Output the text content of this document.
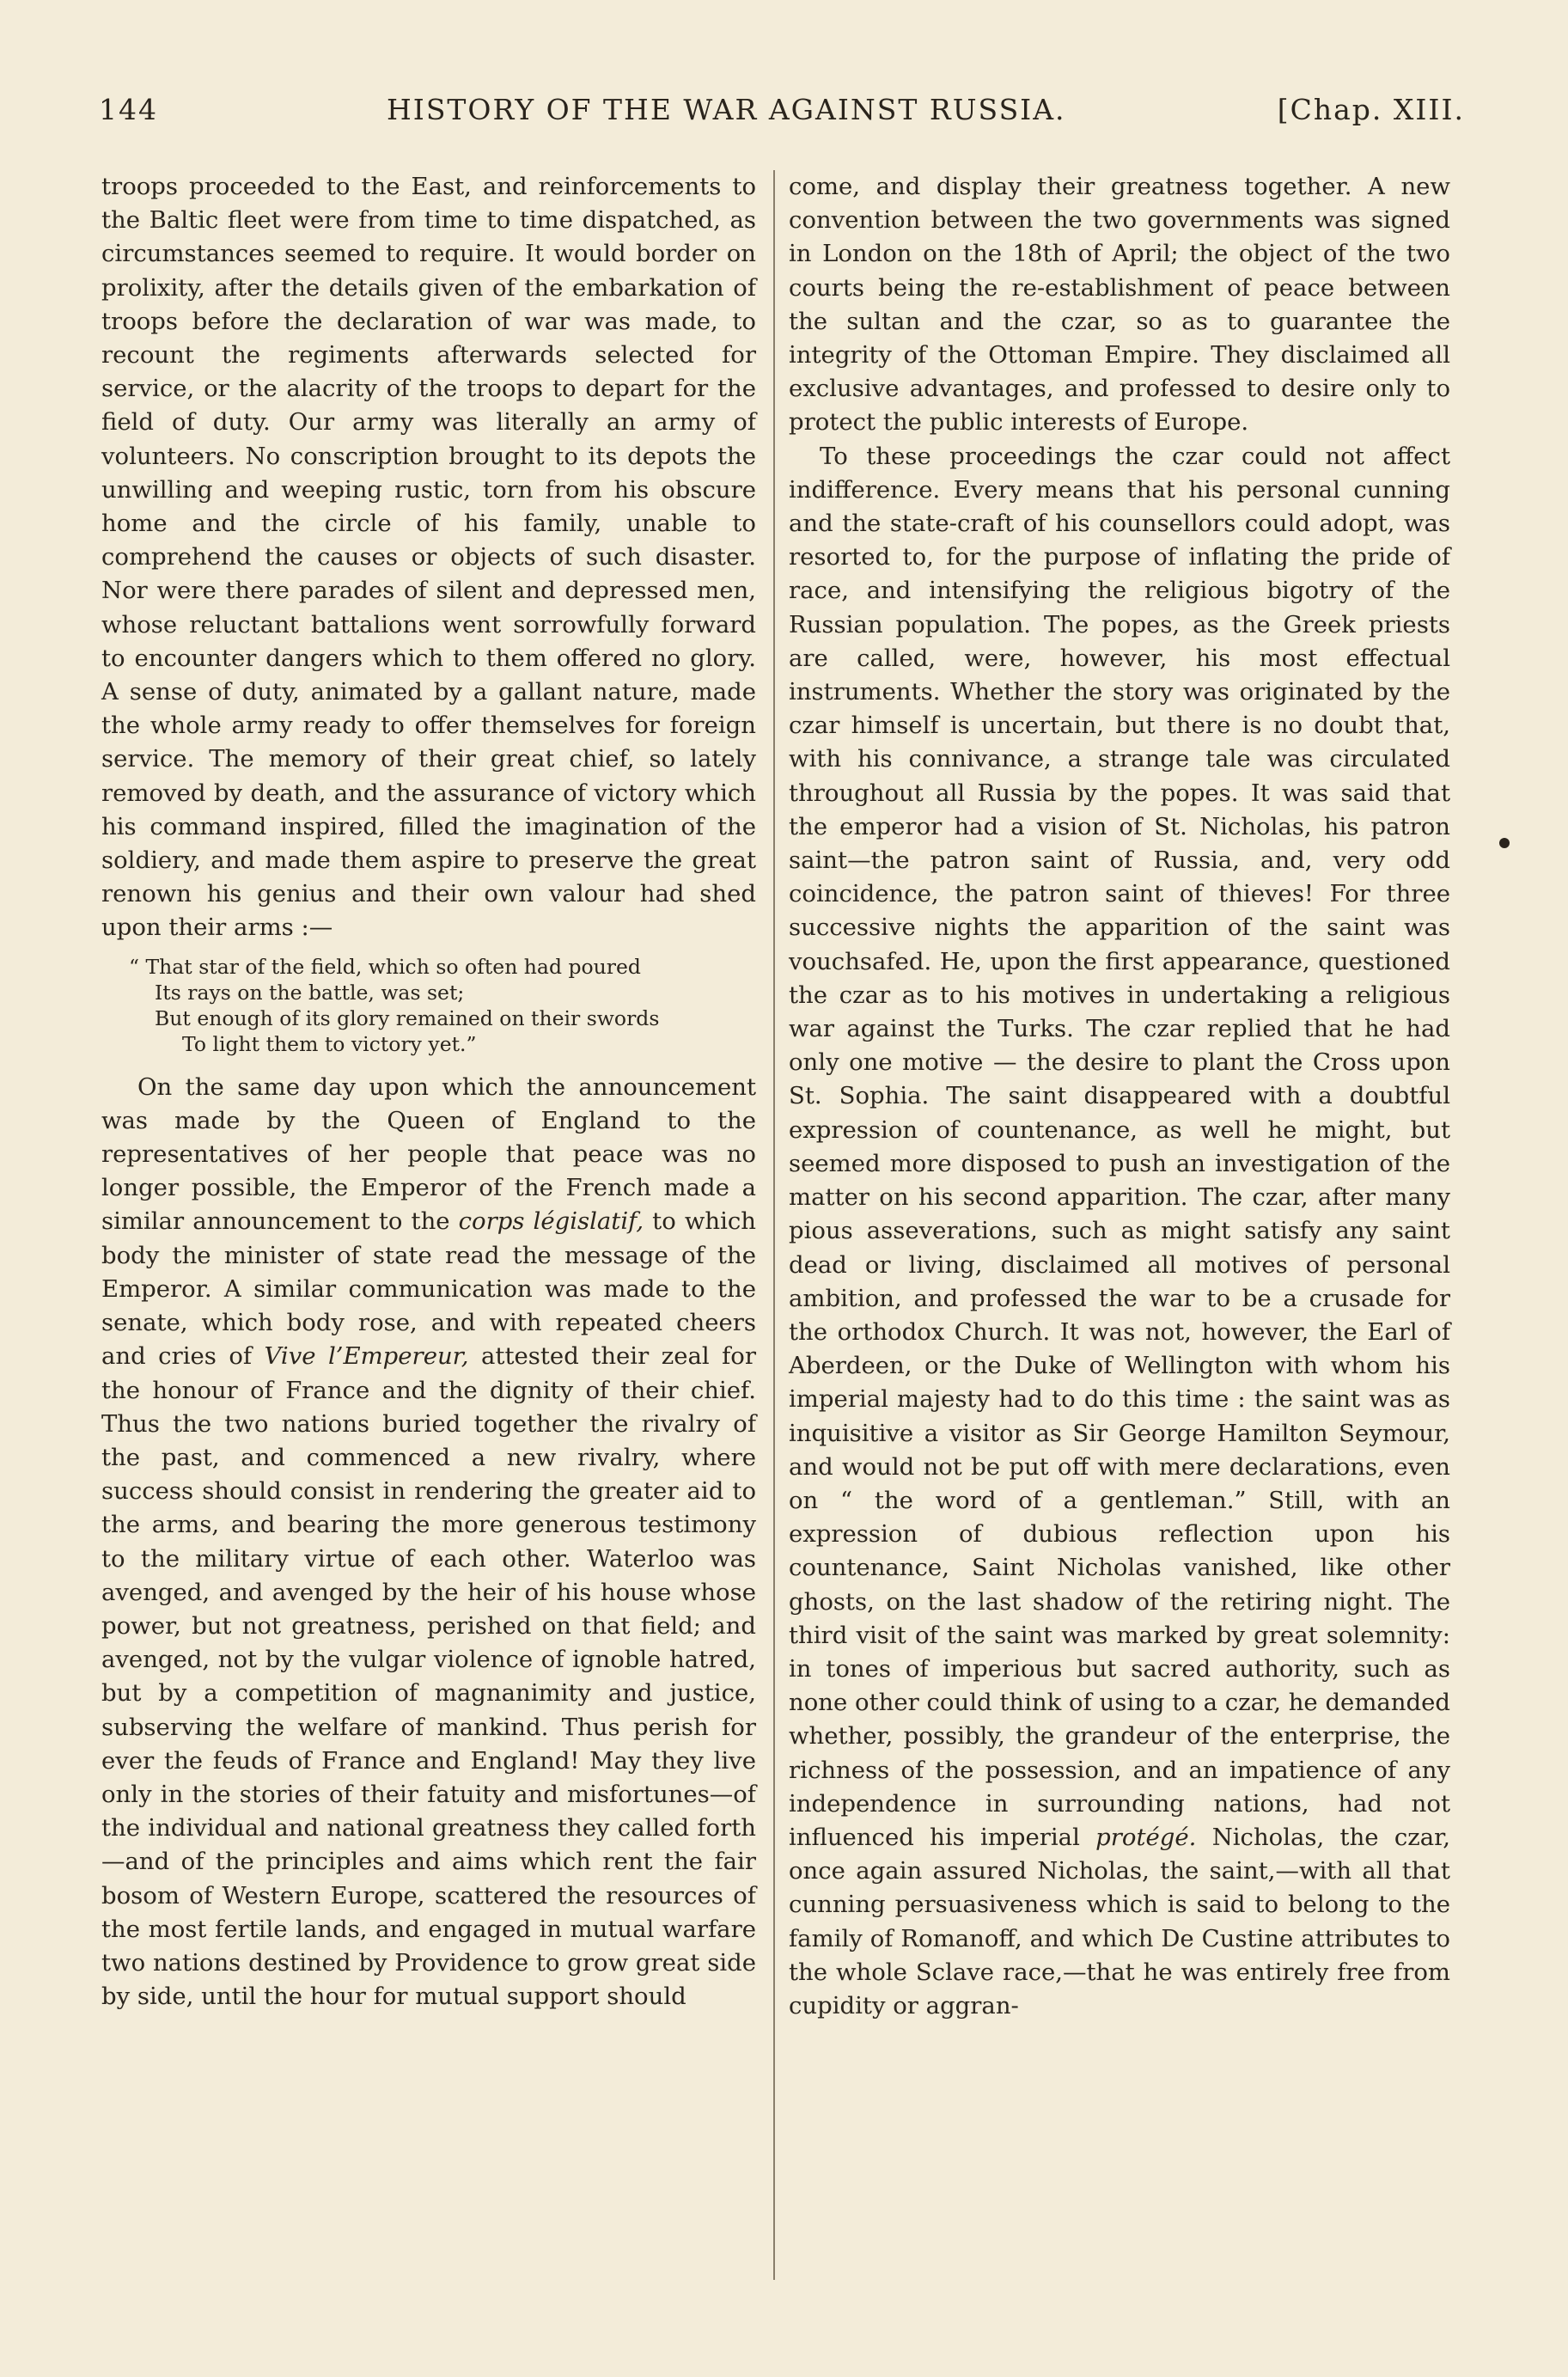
144	HISTORY OF THE WAR AGAINST RUSSIA.	[Chap. XIII.

troops proceeded to the East, and reinforcements to the Baltic fleet were from time to time dispatched, as circumstances seemed to require. It would border on prolixity, after the details given of the embarkation of troops before the declaration of war was made, to recount the regiments afterwards selected for service, or the alacrity of the troops to depart for the field of duty. Our army was literally an army of volunteers. No conscription brought to its depots the unwilling and weeping rustic, torn from his obscure home and the circle of his family, unable to comprehend the causes or objects of such disaster. Nor were there parades of silent and depressed men, whose reluctant battalions went sorrowfully forward to encounter dangers which to them offered no glory. A sense of duty, animated by a gallant nature, made the whole army ready to offer themselves for foreign service. The memory of their great chief, so lately removed by death, and the assurance of victory which his command inspired, filled the imagination of the soldiery, and made them aspire to preserve the great renown his genius and their own valour had shed upon their arms :—

“ That star of the field, which so often had poured
Its rays on the battle, was set;
But enough of its glory remained on their swords
To light them to victory yet.”

On the same day upon which the announcement was made by the Queen of England to the representatives of her people that peace was no longer possible, the Emperor of the French made a similar announcement to the corps législatif, to which body the minister of state read the message of the Emperor. A similar communication was made to the senate, which body rose, and with repeated cheers and cries of Vive l’Empereur, attested their zeal for the honour of France and the dignity of their chief. Thus the two nations buried together the rivalry of the past, and commenced a new rivalry, where success should consist in rendering the greater aid to the arms, and bearing the more generous testimony to the military virtue of each other. Waterloo was avenged, and avenged by the heir of his house whose power, but not greatness, perished on that field; and avenged, not by the vulgar violence of ignoble hatred, but by a competition of magnanimity and justice, subserving the welfare of mankind. Thus perish for ever the feuds of France and England! May they live only in the stories of their fatuity and misfortunes—of the individual and national greatness they called forth—and of the principles and aims which rent the fair bosom of Western Europe, scattered the resources of the most fertile lands, and engaged in mutual warfare two nations destined by Providence to grow great side by side, until the hour for mutual support should

come, and display their greatness together. A new convention between the two governments was signed in London on the 18th of April; the object of the two courts being the re-establishment of peace between the sultan and the czar, so as to guarantee the integrity of the Ottoman Empire. They disclaimed all exclusive advantages, and professed to desire only to protect the public interests of Europe.

To these proceedings the czar could not affect indifference. Every means that his personal cunning and the state-craft of his counsellors could adopt, was resorted to, for the purpose of inflating the pride of race, and intensifying the religious bigotry of the Russian population. The popes, as the Greek priests are called, were, however, his most effectual instruments. Whether the story was originated by the czar himself is uncertain, but there is no doubt that, with his connivance, a strange tale was circulated throughout all Russia by the popes. It was said that the emperor had a vision of St. Nicholas, his patron saint—the patron saint of Russia, and, very odd coincidence, the patron saint of thieves! For three successive nights the apparition of the saint was vouchsafed. He, upon the first appearance, questioned the czar as to his motives in undertaking a religious war against the Turks. The czar replied that he had only one motive — the desire to plant the Cross upon St. Sophia. The saint disappeared with a doubtful expression of countenance, as well he might, but seemed more disposed to push an investigation of the matter on his second apparition. The czar, after many pious asseverations, such as might satisfy any saint dead or living, disclaimed all motives of personal ambition, and professed the war to be a crusade for the orthodox Church. It was not, however, the Earl of Aberdeen, or the Duke of Wellington with whom his imperial majesty had to do this time : the saint was as inquisitive a visitor as Sir George Hamilton Seymour, and would not be put off with mere declarations, even on “ the word of a gentleman.” Still, with an expression of dubious reflection upon his countenance, Saint Nicholas vanished, like other ghosts, on the last shadow of the retiring night. The third visit of the saint was marked by great solemnity: in tones of imperious but sacred authority, such as none other could think of using to a czar, he demanded whether, possibly, the grandeur of the enterprise, the richness of the possession, and an impatience of any independence in surrounding nations, had not influenced his imperial protégé. Nicholas, the czar, once again assured Nicholas, the saint,—with all that cunning persuasiveness which is said to belong to the family of Romanoff, and which De Custine attributes to the whole Sclave race,—that he was entirely free from cupidity or aggran-
